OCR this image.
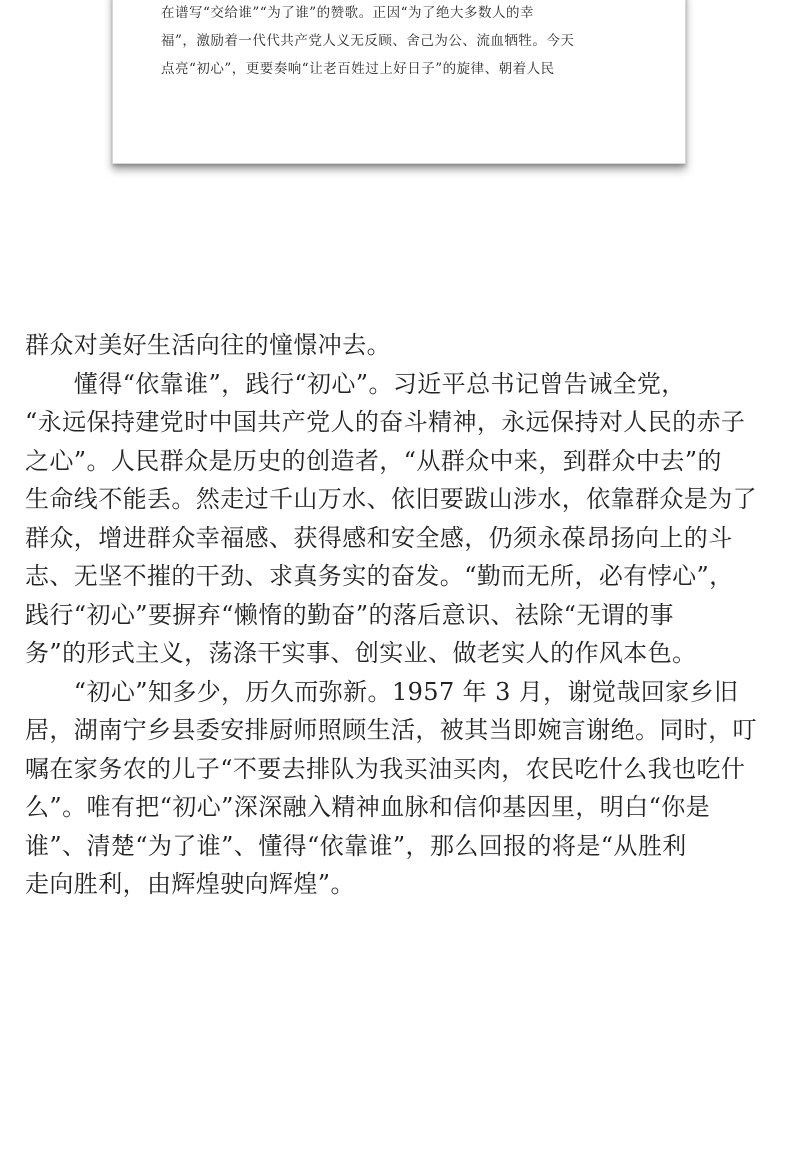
在谱写“交给谁”“为了谁”的赞歌。正因“为了绝大多数人的幸

福”，激励着一代代共产党人义无反顾、舍己为公、流血牺牲。今天

点亮“初心”，更要奏响“让老百姓过上好日子”的旋律、朝着人民

群众对美好生活向往的憧憬冲去。

　　懂得“依靠谁”，践行“初心”。习近平总书记曾告诫全党，

“永远保持建党时中国共产党人的奋斗精神，永远保持对人民的赤子

之心”。人民群众是历史的创造者，“从群众中来，到群众中去”的

生命线不能丢。然走过千山万水、依旧要跋山涉水，依靠群众是为了

群众，增进群众幸福感、获得感和安全感，仍须永葆昂扬向上的斗

志、无坚不摧的干劲、求真务实的奋发。“勤而无所，必有悖心”，

践行“初心”要摒弃“懒惰的勤奋”的落后意识、祛除“无谓的事

务”的形式主义，荡涤干实事、创实业、做老实人的作风本色。

　　“初心”知多少，历久而弥新。1957 年 3 月，谢觉哉回家乡旧

居，湖南宁乡县委安排厨师照顾生活，被其当即婉言谢绝。同时，叮

嘱在家务农的儿子“不要去排队为我买油买肉，农民吃什么我也吃什

么”。唯有把“初心”深深融入精神血脉和信仰基因里，明白“你是

谁”、清楚“为了谁”、懂得“依靠谁”，那么回报的将是“从胜利

走向胜利，由辉煌驶向辉煌”。
